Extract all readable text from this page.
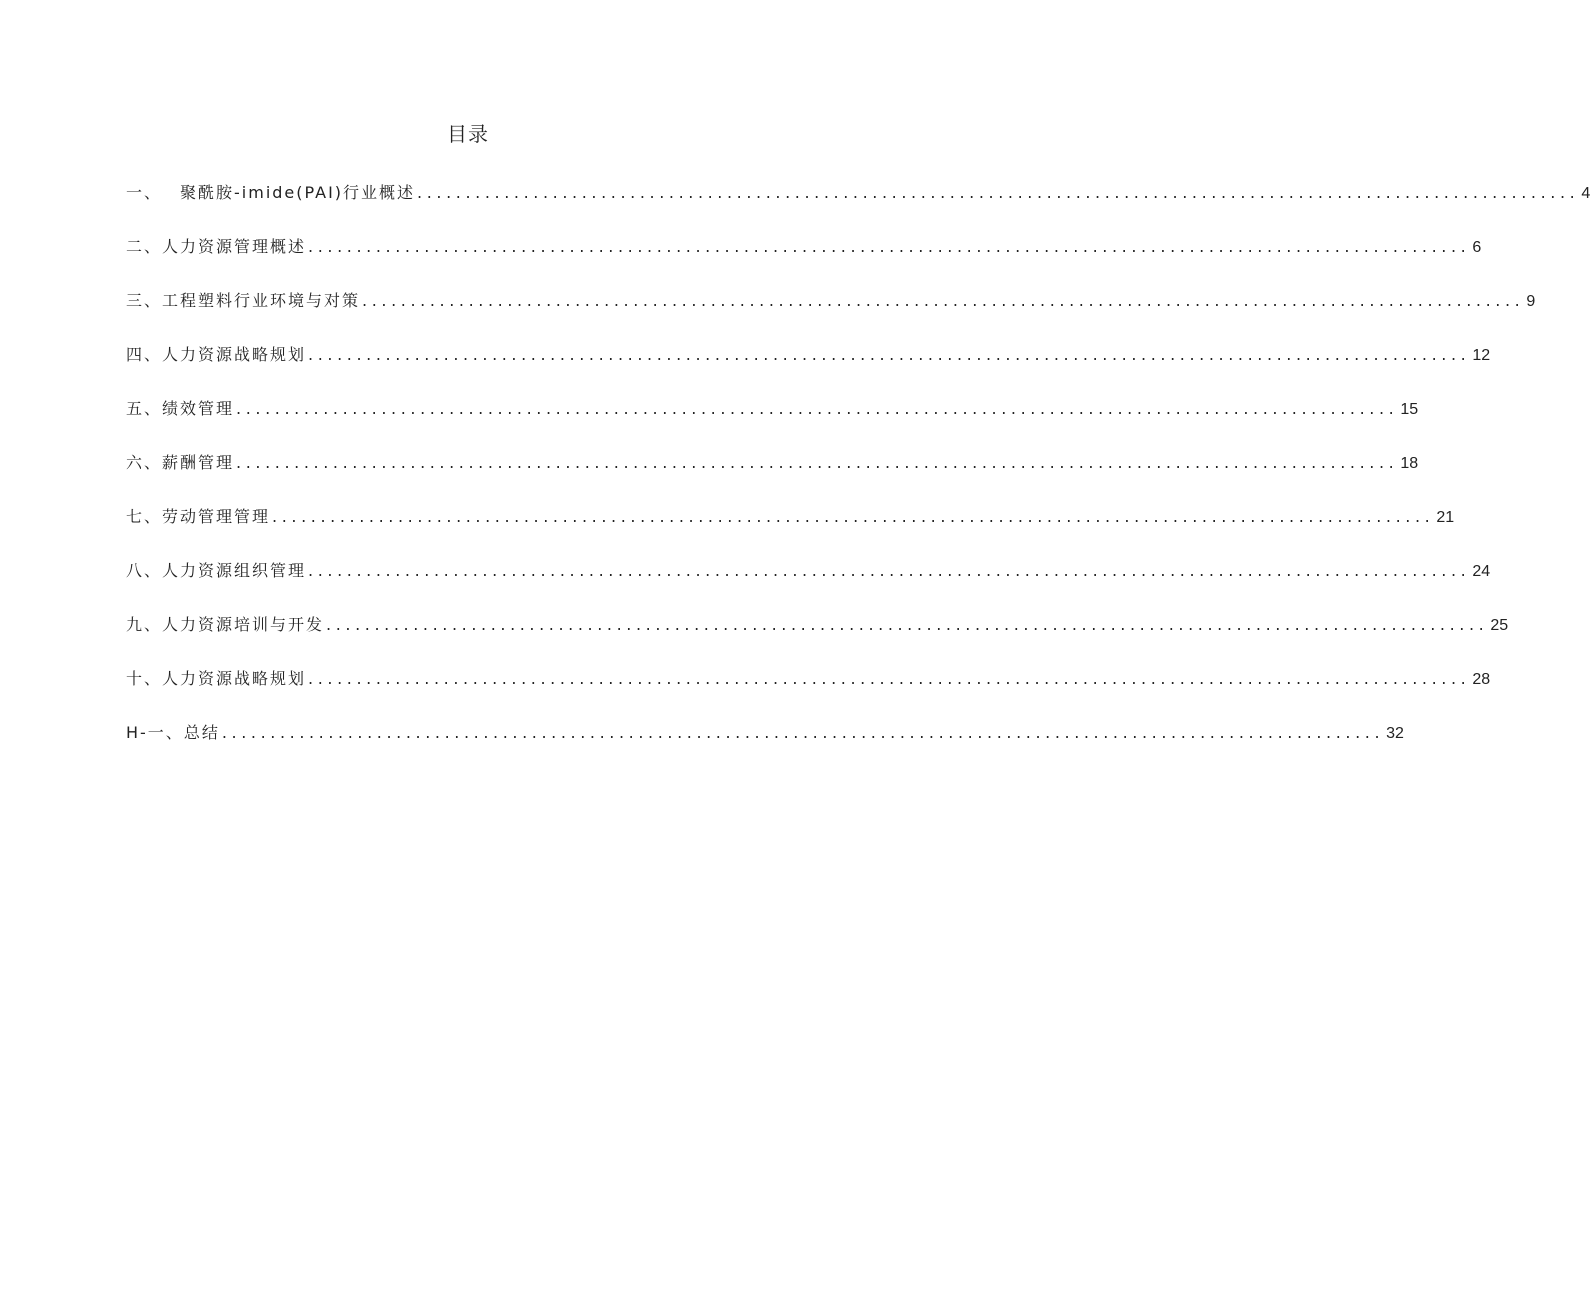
目录
一、	聚酰胺-imide(PAI)行业概述 ........................................................................................................................ 4
二、 人力资源管理概述 ........................................................................................................................ 6
三、 工程塑料行业环境与对策 ........................................................................................................................ 9
四、 人力资源战略规划 ........................................................................................................................ 12
五、 绩效管理 ........................................................................................................................ 15
六、 薪酬管理 ........................................................................................................................ 18
七、 劳动管理管理 ........................................................................................................................ 21
八、 人力资源组织管理 ........................................................................................................................ 24
九、 人力资源培训与开发 ........................................................................................................................ 25
十、 人力资源战略规划 ........................................................................................................................ 28
H-一、 总结 ........................................................................................................................ 32
